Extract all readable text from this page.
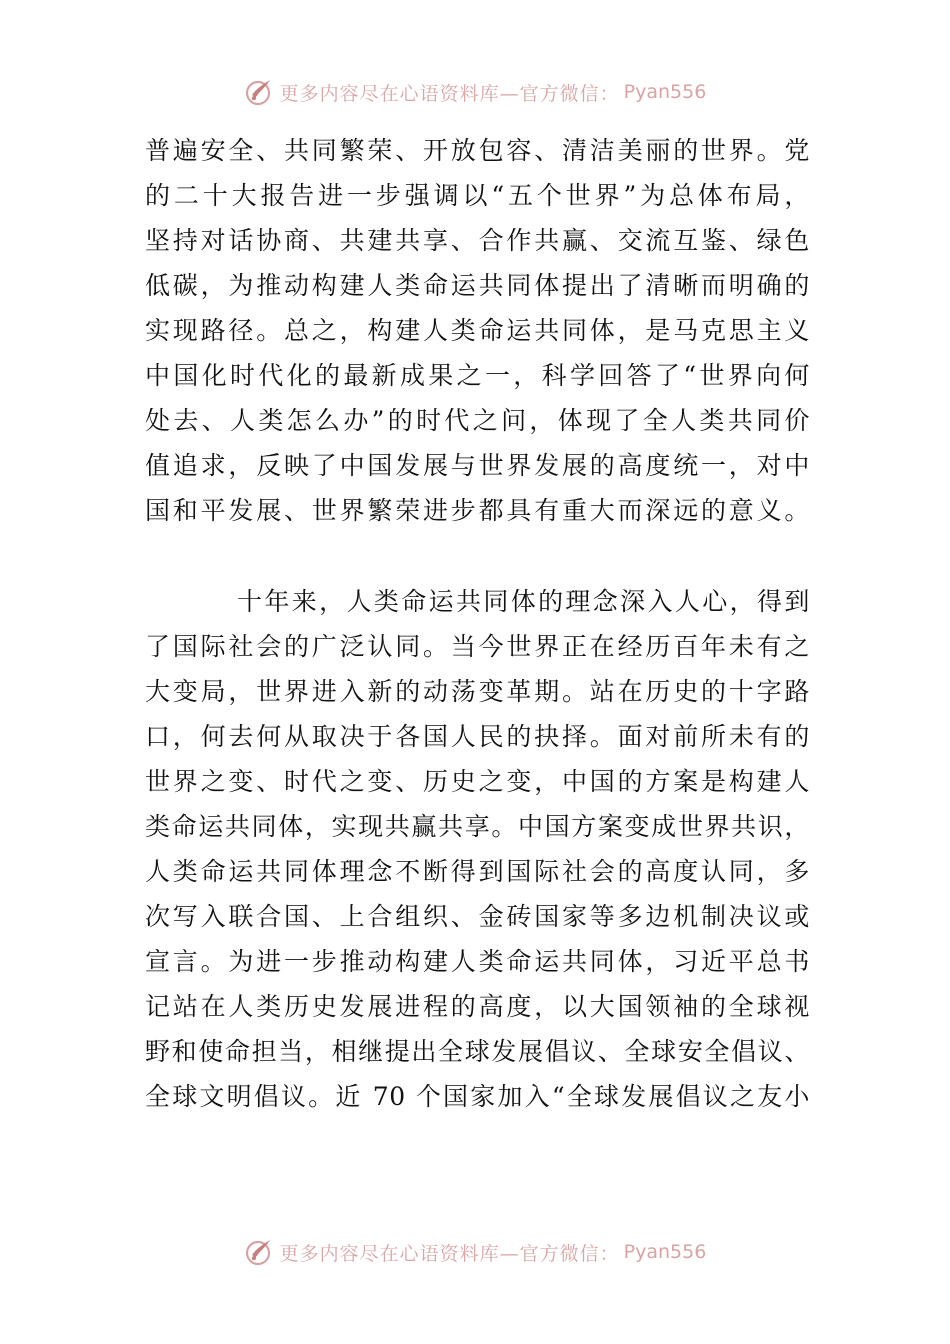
更多内容尽在心语资料库—官方微信： Pyan556
普遍安全、共同繁荣、开放包容、清洁美丽的世界。党
的二十大报告进一步强调以“五个世界”为总体布局，
坚持对话协商、共建共享、合作共赢、交流互鉴、绿色
低碳，为推动构建人类命运共同体提出了清晰而明确的
实现路径。总之，构建人类命运共同体，是马克思主义
中国化时代化的最新成果之一，科学回答了“世界向何
处去、人类怎么办”的时代之问，体现了全人类共同价
值追求，反映了中国发展与世界发展的高度统一，对中
国和平发展、世界繁荣进步都具有重大而深远的意义。
十年来，人类命运共同体的理念深入人心，得到
了国际社会的广泛认同。当今世界正在经历百年未有之
大变局，世界进入新的动荡变革期。站在历史的十字路
口，何去何从取决于各国人民的抉择。面对前所未有的
世界之变、时代之变、历史之变，中国的方案是构建人
类命运共同体，实现共赢共享。中国方案变成世界共识，
人类命运共同体理念不断得到国际社会的高度认同，多
次写入联合国、上合组织、金砖国家等多边机制决议或
宣言。为进一步推动构建人类命运共同体，习近平总书
记站在人类历史发展进程的高度，以大国领袖的全球视
野和使命担当，相继提出全球发展倡议、全球安全倡议、
全球文明倡议。近 70 个国家加入“全球发展倡议之友小
更多内容尽在心语资料库—官方微信： Pyan556
